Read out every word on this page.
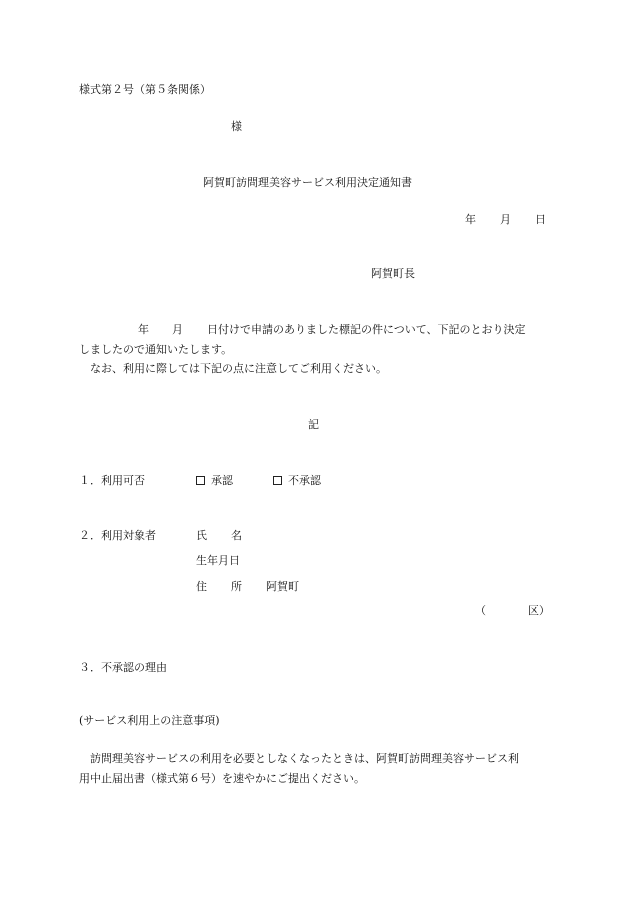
様式第２号（第５条関係）
様
阿賀町訪問理美容サービス利用決定通知書
年 月 日
阿賀町長
年 月 日付けで申請のありました標記の件について、下記のとおり決定
しましたので通知いたします。
なお、利用に際しては下記の点に注意してご利用ください。
記
１．利用可否	承認	不承認
２．利用対象者	氏 名
生年月日
住 所 阿賀町
（	区）
３．不承認の理由
(サービス利用上の注意事項)
訪問理美容サービスの利用を必要としなくなったときは、阿賀町訪問理美容サービス利
用中止届出書（様式第６号）を速やかにご提出ください。
